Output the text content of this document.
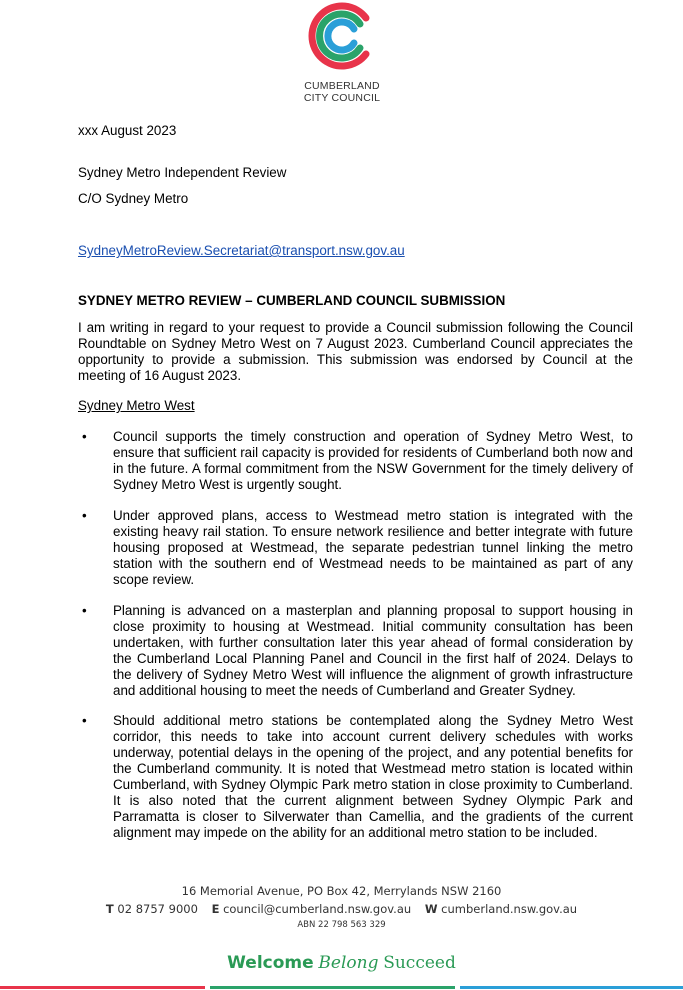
CUMBERLAND
CITY COUNCIL
xxx August 2023
Sydney Metro Independent Review
C/O Sydney Metro
SydneyMetroReview.Secretariat@transport.nsw.gov.au
SYDNEY METRO REVIEW – CUMBERLAND COUNCIL SUBMISSION
I am writing in regard to your request to provide a Council submission following the Council Roundtable on Sydney Metro West on 7 August 2023. Cumberland Council appreciates the opportunity to provide a submission. This submission was endorsed by Council at the meeting of 16 August 2023.
Sydney Metro West
• Council supports the timely construction and operation of Sydney Metro West, to ensure that sufficient rail capacity is provided for residents of Cumberland both now and in the future. A formal commitment from the NSW Government for the timely delivery of Sydney Metro West is urgently sought.
• Under approved plans, access to Westmead metro station is integrated with the existing heavy rail station. To ensure network resilience and better integrate with future housing proposed at Westmead, the separate pedestrian tunnel linking the metro station with the southern end of Westmead needs to be maintained as part of any scope review.
• Planning is advanced on a masterplan and planning proposal to support housing in close proximity to housing at Westmead. Initial community consultation has been undertaken, with further consultation later this year ahead of formal consideration by the Cumberland Local Planning Panel and Council in the first half of 2024. Delays to the delivery of Sydney Metro West will influence the alignment of growth infrastructure and additional housing to meet the needs of Cumberland and Greater Sydney.
• Should additional metro stations be contemplated along the Sydney Metro West corridor, this needs to take into account current delivery schedules with works underway, potential delays in the opening of the project, and any potential benefits for the Cumberland community. It is noted that Westmead metro station is located within Cumberland, with Sydney Olympic Park metro station in close proximity to Cumberland. It is also noted that the current alignment between Sydney Olympic Park and Parramatta is closer to Silverwater than Camellia, and the gradients of the current alignment may impede on the ability for an additional metro station to be included.
16 Memorial Avenue, PO Box 42, Merrylands NSW 2160
T 02 8757 9000 E council@cumberland.nsw.gov.au W cumberland.nsw.gov.au
ABN 22 798 563 329
Welcome Belong Succeed
